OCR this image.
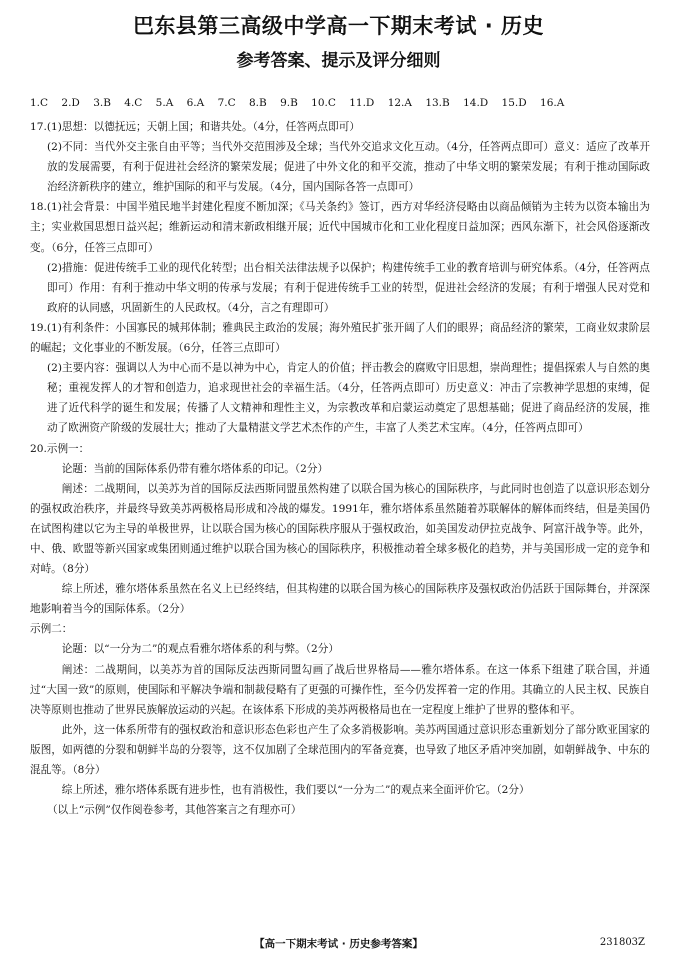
巴东县第三高级中学高一下期末考试 · 历史
参考答案、提示及评分细则
1.C 2.D 3.B 4.C 5.A 6.A 7.C 8.B 9.B 10.C 11.D 12.A 13.B 14.D 15.D 16.A

17.(1)思想：以德抚远；天朝上国；和谐共处。（4分，任答两点即可）

(2)不同：当代外交主张自由平等；当代外交范围涉及全球；当代外交追求文化互动。（4分，任答两点即可）意义：适应了改革开放的发展需要，有利于促进社会经济的繁荣发展；促进了中外文化的和平交流，推动了中华文明的繁荣发展；有利于推动国际政治经济新秩序的建立，维护国际的和平与发展。（4分，国内国际各答一点即可）

18.(1)社会背景：中国半殖民地半封建化程度不断加深；《马关条约》签订，西方对华经济侵略由以商品倾销为主转为以资本输出为主；实业救国思想日益兴起；维新运动和清末新政相继开展；近代中国城市化和工业化程度日益加深；西风东渐下，社会风俗逐渐改变。（6分，任答三点即可）

(2)措施：促进传统手工业的现代化转型；出台相关法律法规予以保护；构建传统手工业的教育培训与研究体系。（4分，任答两点即可）作用：有利于推动中华文明的传承与发展；有利于促进传统手工业的转型，促进社会经济的发展；有利于增强人民对党和政府的认同感，巩固新生的人民政权。（4分，言之有理即可）

19.(1)有利条件：小国寡民的城邦体制；雅典民主政治的发展；海外殖民扩张开阔了人们的眼界；商品经济的繁荣，工商业奴隶阶层的崛起；文化事业的不断发展。（6分，任答三点即可）

(2)主要内容：强调以人为中心而不是以神为中心，肯定人的价值；抨击教会的腐败守旧思想，崇尚理性；提倡探索人与自然的奥秘；重视发挥人的才智和创造力，追求现世社会的幸福生活。（4分，任答两点即可）历史意义：冲击了宗教神学思想的束缚，促进了近代科学的诞生和发展；传播了人文精神和理性主义，为宗教改革和启蒙运动奠定了思想基础；促进了商品经济的发展，推动了欧洲资产阶级的发展壮大；推动了大量精湛文学艺术杰作的产生，丰富了人类艺术宝库。（4分，任答两点即可）

20.示例一：

论题：当前的国际体系仍带有雅尔塔体系的印记。（2分）

阐述：二战期间，以美苏为首的国际反法西斯同盟虽然构建了以联合国为核心的国际秩序，与此同时也创造了以意识形态划分的强权政治秩序，并最终导致美苏两极格局形成和冷战的爆发。1991年，雅尔塔体系虽然随着苏联解体的解体而终结，但是美国仍在试图构建以它为主导的单极世界，让以联合国为核心的国际秩序服从于强权政治，如美国发动伊拉克战争、阿富汗战争等。此外，中、俄、欧盟等新兴国家或集团则通过维护以联合国为核心的国际秩序，积极推动着全球多极化的趋势，并与美国形成一定的竞争和对峙。（8分）

综上所述，雅尔塔体系虽然在名义上已经终结，但其构建的以联合国为核心的国际秩序及强权政治仍活跃于国际舞台，并深深地影响着当今的国际体系。（2分）

示例二：

论题：以“一分为二”的观点看雅尔塔体系的利与弊。（2分）

阐述：二战期间，以美苏为首的国际反法西斯同盟勾画了战后世界格局——雅尔塔体系。在这一体系下组建了联合国，并通过“大国一致”的原则，使国际和平解决争端和制裁侵略有了更强的可操作性，至今仍发挥着一定的作用。其确立的人民主权、民族自决等原则也推动了世界民族解放运动的兴起。在该体系下形成的美苏两极格局也在一定程度上维护了世界的整体和平。

此外，这一体系所带有的强权政治和意识形态色彩也产生了众多消极影响。美苏两国通过意识形态重新划分了部分欧亚国家的版图，如两德的分裂和朝鲜半岛的分裂等，这不仅加剧了全球范围内的军备竞赛，也导致了地区矛盾冲突加剧，如朝鲜战争、中东的混乱等。（8分）

综上所述，雅尔塔体系既有进步性，也有消极性，我们要以“一分为二”的观点来全面评价它。（2分）

（以上“示例”仅作阅卷参考，其他答案言之有理亦可）

【高一下期末考试 · 历史参考答案】	231803Z
